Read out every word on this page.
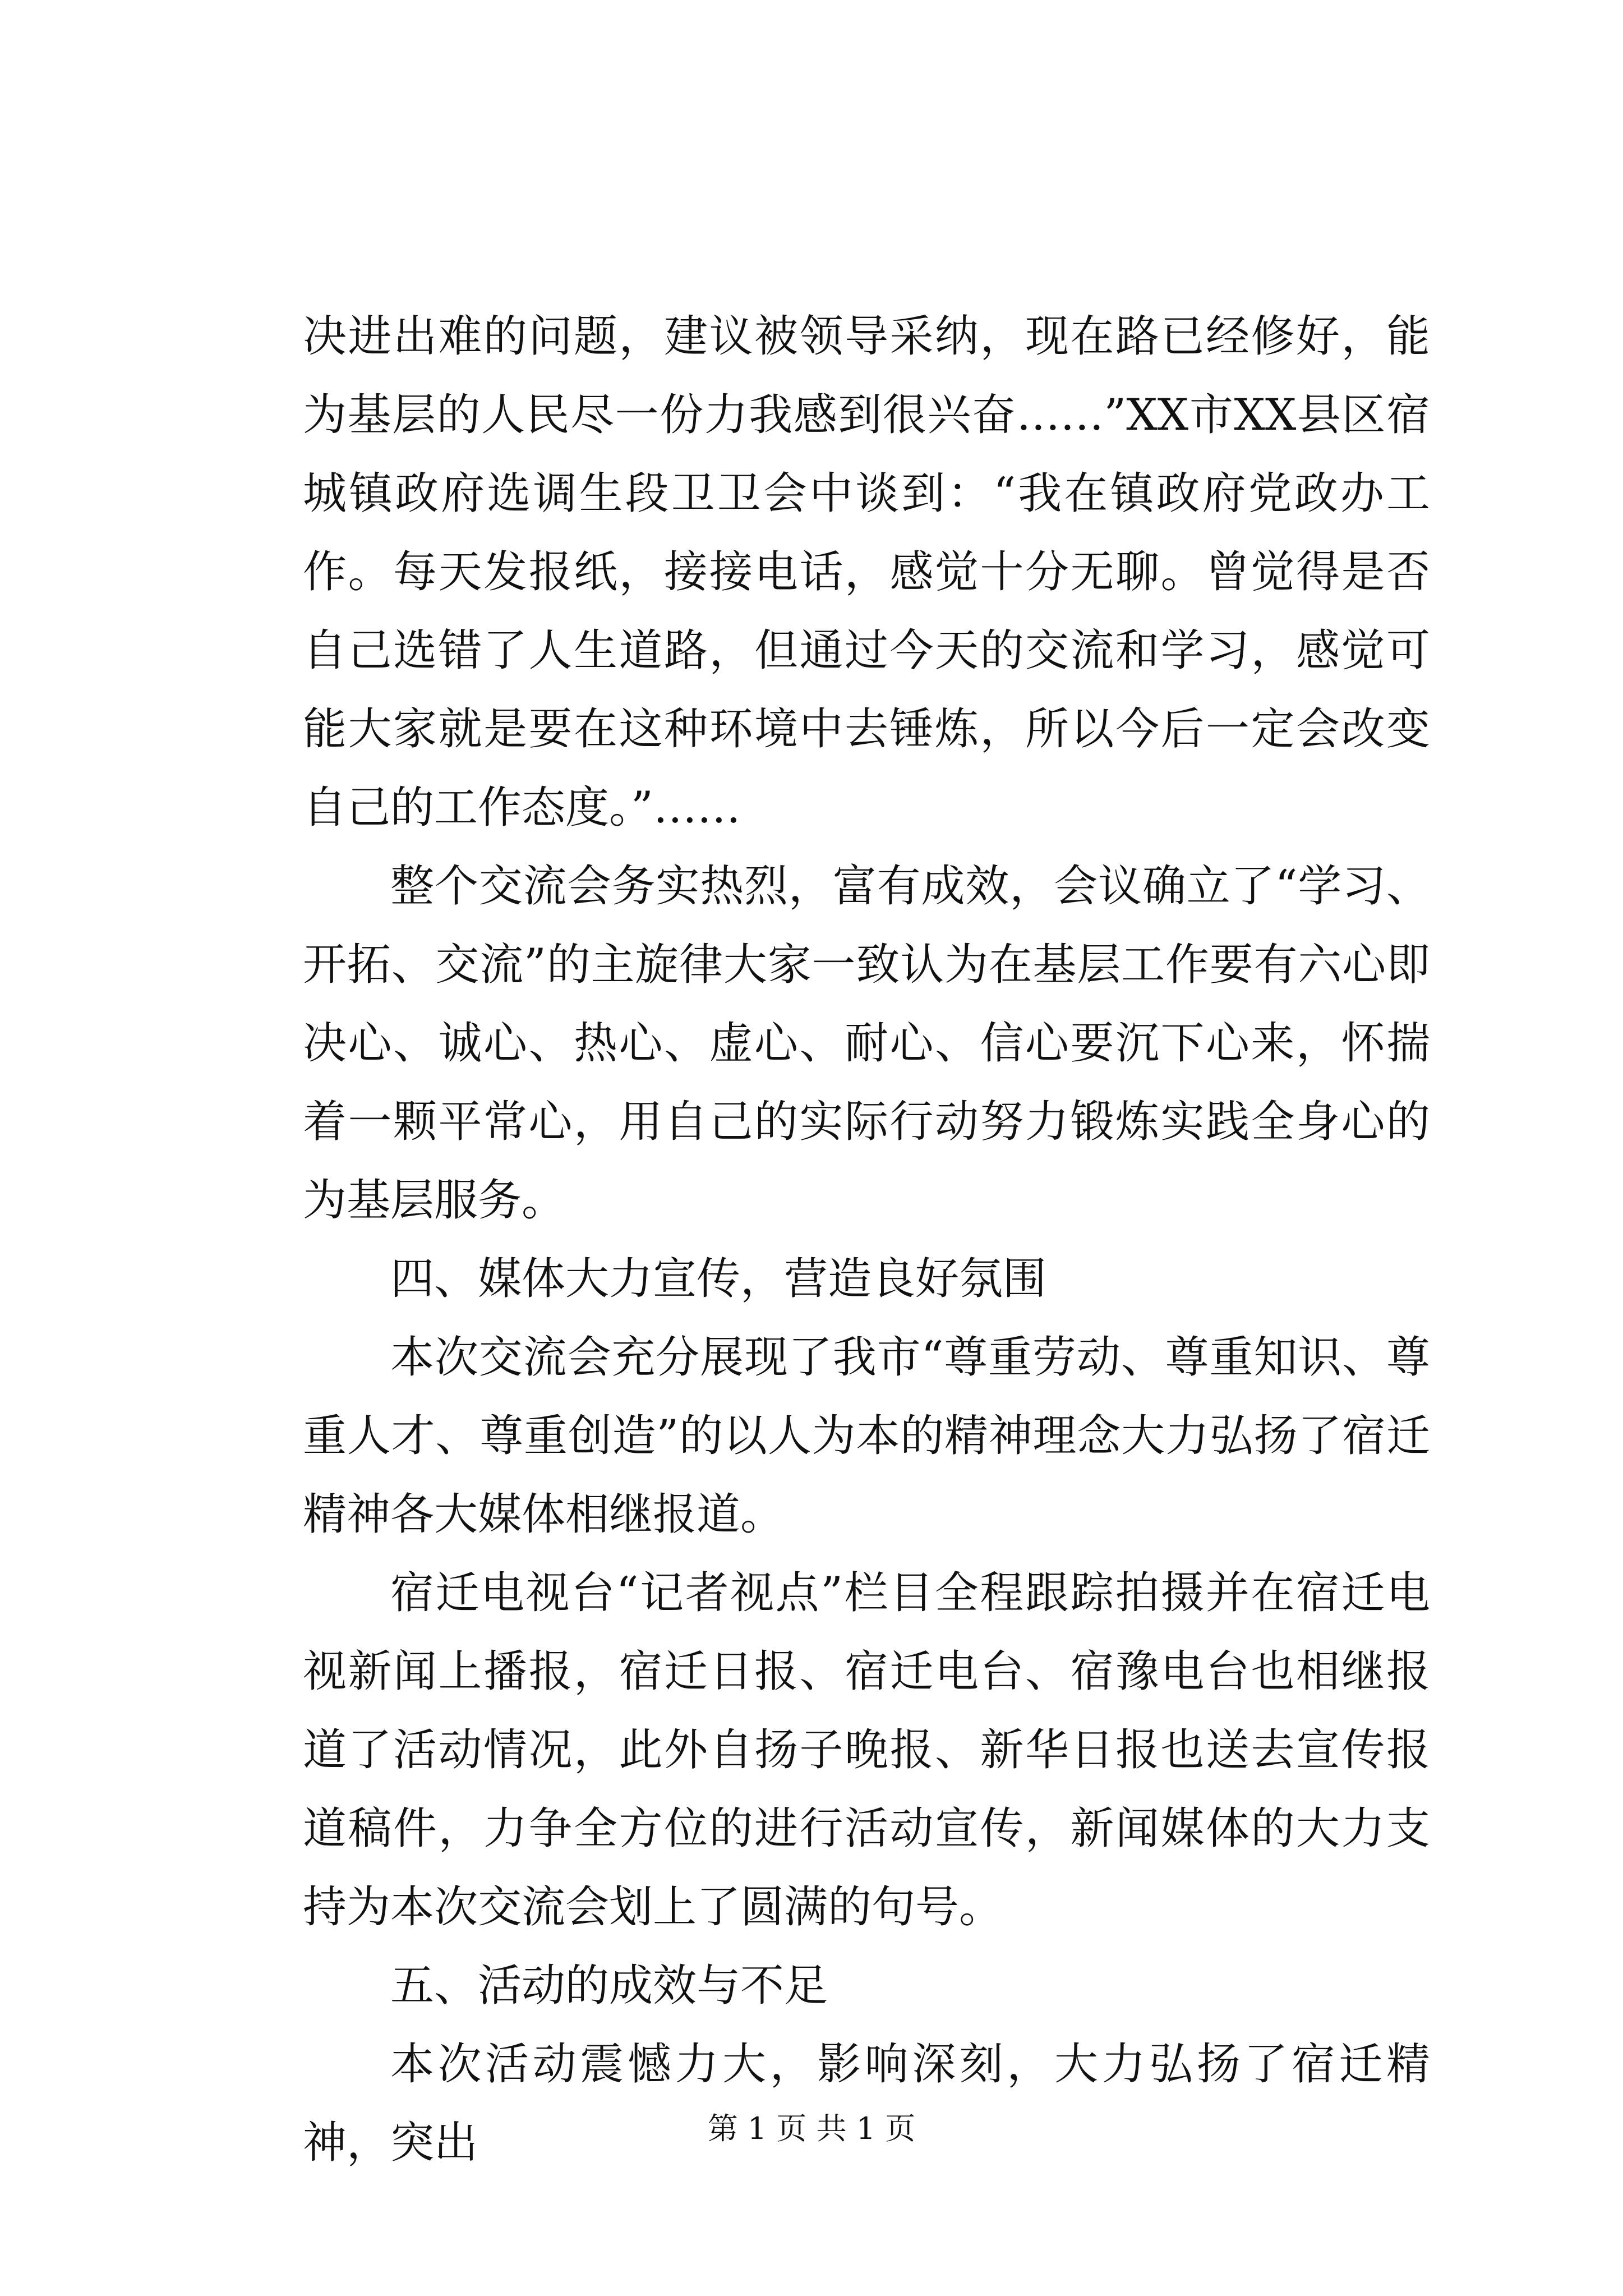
决进出难的问题，建议被领导采纳，现在路已经修好，能为基层的人民尽一份力我感到很兴奋……”XX市XX县区宿城镇政府选调生段卫卫会中谈到：“我在镇政府党政办工作。每天发报纸，接接电话，感觉十分无聊。曾觉得是否自己选错了人生道路，但通过今天的交流和学习，感觉可能大家就是要在这种环境中去锤炼，所以今后一定会改变自己的工作态度。”……

整个交流会务实热烈，富有成效，会议确立了“学习、开拓、交流”的主旋律大家一致认为在基层工作要有六心即决心、诚心、热心、虚心、耐心、信心要沉下心来，怀揣着一颗平常心，用自己的实际行动努力锻炼实践全身心的为基层服务。

四、媒体大力宣传，营造良好氛围

本次交流会充分展现了我市“尊重劳动、尊重知识、尊重人才、尊重创造”的以人为本的精神理念大力弘扬了宿迁精神各大媒体相继报道。

宿迁电视台“记者视点”栏目全程跟踪拍摄并在宿迁电视新闻上播报，宿迁日报、宿迁电台、宿豫电台也相继报道了活动情况，此外自扬子晚报、新华日报也送去宣传报道稿件，力争全方位的进行活动宣传，新闻媒体的大力支持为本次交流会划上了圆满的句号。

五、活动的成效与不足

本次活动震憾力大，影响深刻，大力弘扬了宿迁精神，突出	第 1 页 共 1 页
